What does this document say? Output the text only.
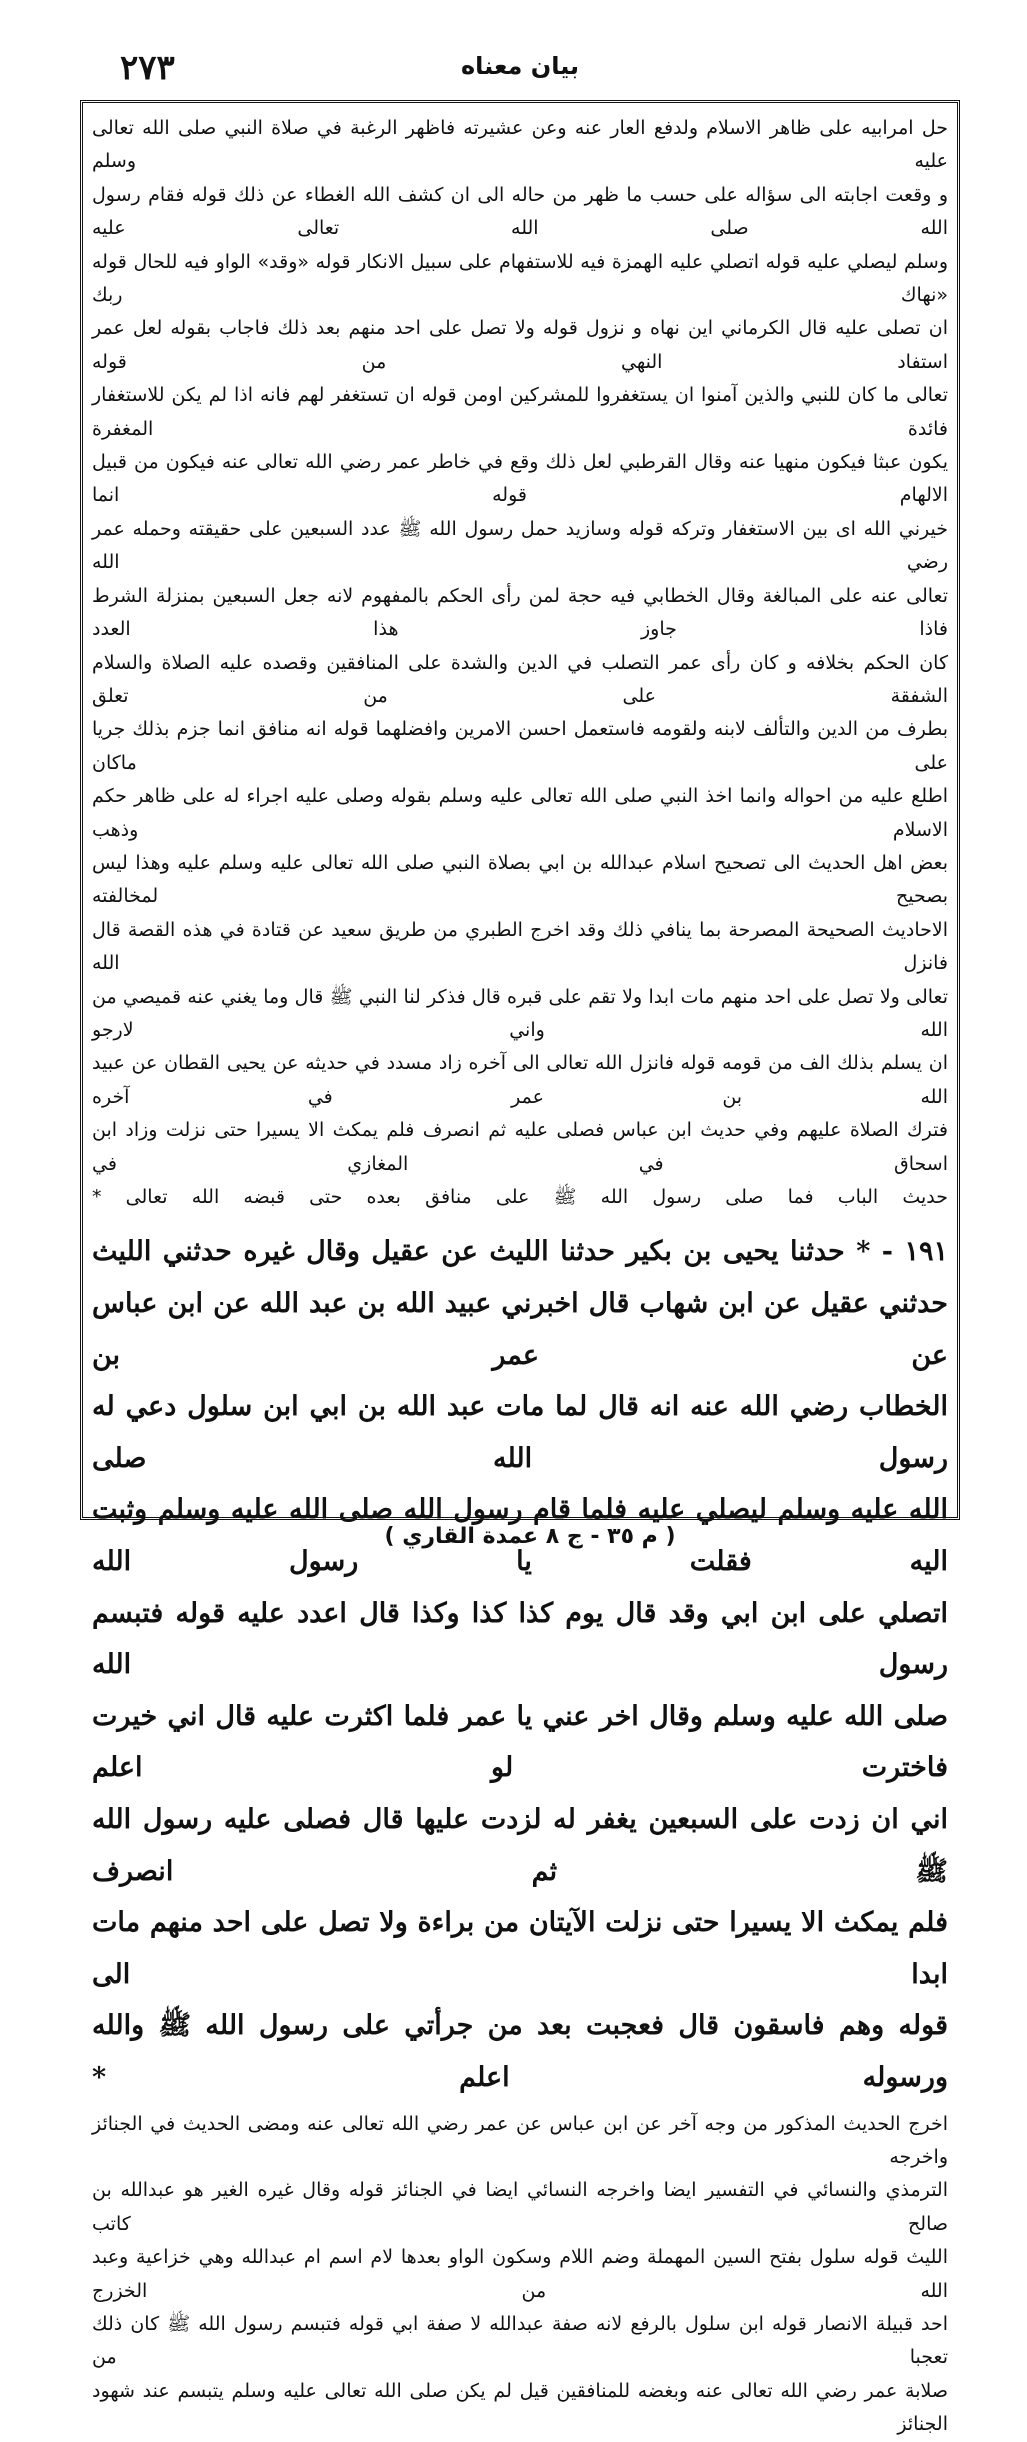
٢٧٣	بيان معناه

حل امرابيه على ظاهر الاسلام ولدفع العار عنه وعن عشيرته فاظهر الرغبة في صلاة النبي صلى الله تعالى عليه وسلم

و وقعت اجابته الى سؤاله على حسب ما ظهر من حاله الى ان كشف الله الغطاء عن ذلك قوله فقام رسول الله صلى الله تعالى عليه

وسلم ليصلي عليه قوله اتصلي عليه الهمزة فيه للاستفهام على سبيل الانكار قوله «وقد» الواو فيه للحال قوله «نهاك ربك

ان تصلى عليه قال الكرماني اين نهاه و نزول قوله ولا تصل على احد منهم بعد ذلك فاجاب بقوله لعل عمر استفاد النهي من قوله

تعالى ما كان للنبي والذين آمنوا ان يستغفروا للمشركين اومن قوله ان تستغفر لهم فانه اذا لم يكن للاستغفار فائدة المغفرة

يكون عبثا فيكون منهيا عنه وقال القرطبي لعل ذلك وقع في خاطر عمر رضي الله تعالى عنه فيكون من قبيل الالهام قوله انما

خيرني الله اى بين الاستغفار وتركه قوله وسازيد حمل رسول الله ﷺ عدد السبعين على حقيقته وحمله عمر رضي الله

تعالى عنه على المبالغة وقال الخطابي فيه حجة لمن رأى الحكم بالمفهوم لانه جعل السبعين بمنزلة الشرط فاذا جاوز هذا العدد

كان الحكم بخلافه و كان رأى عمر التصلب في الدين والشدة على المنافقين وقصده عليه الصلاة والسلام الشفقة على من تعلق

بطرف من الدين والتألف لابنه ولقومه فاستعمل احسن الامرين وافضلهما قوله انه منافق انما جزم بذلك جريا على ماكان

اطلع عليه من احواله وانما اخذ النبي صلى الله تعالى عليه وسلم بقوله وصلى عليه اجراء له على ظاهر حكم الاسلام وذهب

بعض اهل الحديث الى تصحيح اسلام عبدالله بن ابي بصلاة النبي صلى الله تعالى عليه وسلم عليه وهذا ليس بصحيح لمخالفته

الاحاديث الصحيحة المصرحة بما ينافي ذلك وقد اخرج الطبري من طريق سعيد عن قتادة في هذه القصة قال فانزل الله

تعالى ولا تصل على احد منهم مات ابدا ولا تقم على قبره قال فذكر لنا النبي ﷺ قال وما يغني عنه قميصي من الله واني لارجو

ان يسلم بذلك الف من قومه قوله فانزل الله تعالى الى آخره زاد مسدد في حديثه عن يحيى القطان عن عبيد الله بن عمر في آخره

فترك الصلاة عليهم وفي حديث ابن عباس فصلى عليه ثم انصرف فلم يمكث الا يسيرا حتى نزلت وزاد ابن اسحاق في المغازي في

حديث الباب فما صلى رسول الله ﷺ على منافق بعده حتى قبضه الله تعالى *

١٩١ - * حدثنا يحيى بن بكير حدثنا الليث عن عقيل وقال غيره حدثني الليث

حدثني عقيل عن ابن شهاب قال اخبرني عبيد الله بن عبد الله عن ابن عباس عن عمر بن

الخطاب رضي الله عنه انه قال لما مات عبد الله بن ابي ابن سلول دعي له رسول الله صلى

الله عليه وسلم ليصلي عليه فلما قام رسول الله صلى الله عليه وسلم وثبت اليه فقلت يا رسول الله

اتصلي على ابن ابي وقد قال يوم كذا كذا وكذا قال اعدد عليه قوله فتبسم رسول الله

صلى الله عليه وسلم وقال اخر عني يا عمر فلما اكثرت عليه قال اني خيرت فاخترت لو اعلم

اني ان زدت على السبعين يغفر له لزدت عليها قال فصلى عليه رسول الله ﷺ ثم انصرف

فلم يمكث الا يسيرا حتى نزلت الآيتان من براءة ولا تصل على احد منهم مات ابدا الى

قوله وهم فاسقون قال فعجبت بعد من جرأتي على رسول الله ﷺ والله ورسوله اعلم *

اخرج الحديث المذكور من وجه آخر عن ابن عباس عن عمر رضي الله تعالى عنه ومضى الحديث في الجنائز واخرجه

الترمذي والنسائي في التفسير ايضا واخرجه النسائي ايضا في الجنائز قوله وقال غيره الغير هو عبدالله بن صالح كاتب

الليث قوله سلول بفتح السين المهملة وضم اللام وسكون الواو بعدها لام اسم ام عبدالله وهي خزاعية وعبد الله من الخزرج

احد قبيلة الانصار قوله ابن سلول بالرفع لانه صفة عبدالله لا صفة ابي قوله فتبسم رسول الله ﷺ كان ذلك تعجبا من

صلابة عمر رضي الله تعالى عنه وبغضه للمنافقين قيل لم يكن صلى الله تعالى عليه وسلم يتبسم عند شهود الجنائز

( م ٣٥ - ج ٨ عمدة القاري )
